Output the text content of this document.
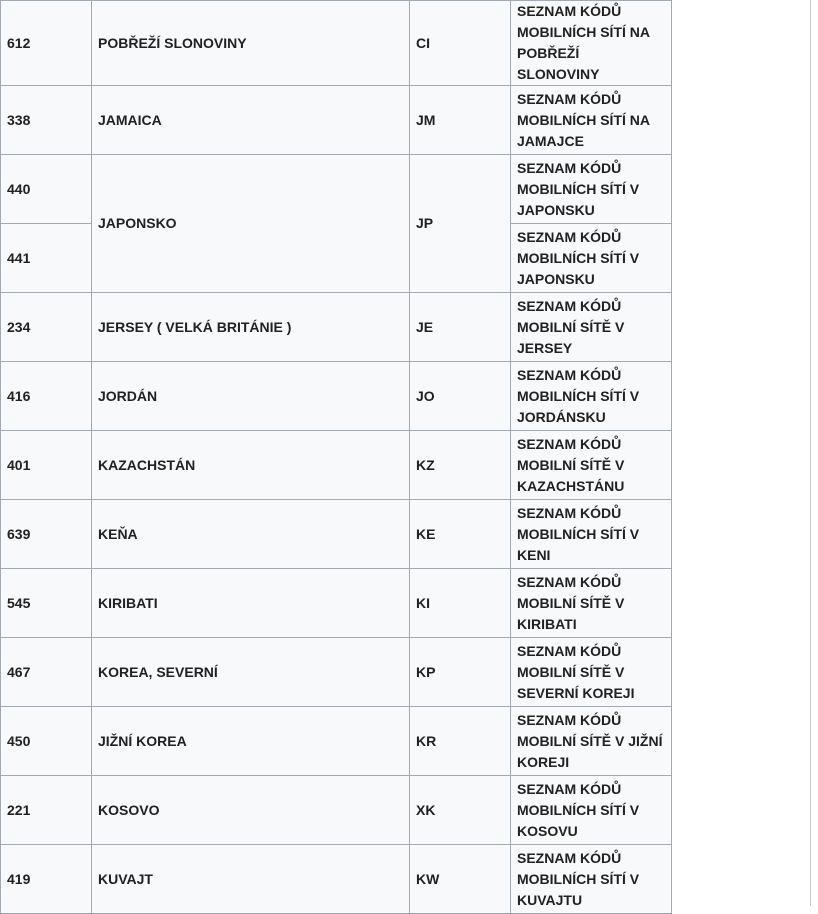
612	POBŘEŽÍ SLONOVINY	CI	SEZNAM KÓDŮ MOBILNÍCH SÍTÍ NA POBŘEŽÍ SLONOVINY
338	JAMAICA	JM	SEZNAM KÓDŮ MOBILNÍCH SÍTÍ NA JAMAJCE
440	JAPONSKO	JP	SEZNAM KÓDŮ MOBILNÍCH SÍTÍ V JAPONSKU
441			SEZNAM KÓDŮ MOBILNÍCH SÍTÍ V JAPONSKU
234	JERSEY ( VELKÁ BRITÁNIE )	JE	SEZNAM KÓDŮ MOBILNÍ SÍTĚ V JERSEY
416	JORDÁN	JO	SEZNAM KÓDŮ MOBILNÍCH SÍTÍ V JORDÁNSKU
401	KAZACHSTÁN	KZ	SEZNAM KÓDŮ MOBILNÍ SÍTĚ V KAZACHSTÁNU
639	KEŇA	KE	SEZNAM KÓDŮ MOBILNÍCH SÍTÍ V KENI
545	KIRIBATI	KI	SEZNAM KÓDŮ MOBILNÍ SÍTĚ V KIRIBATI
467	KOREA, SEVERNÍ	KP	SEZNAM KÓDŮ MOBILNÍ SÍTĚ V SEVERNÍ KOREJI
450	JIŽNÍ KOREA	KR	SEZNAM KÓDŮ MOBILNÍ SÍTĚ V JIŽNÍ KOREJI
221	KOSOVO	XK	SEZNAM KÓDŮ MOBILNÍCH SÍTÍ V KOSOVU
419	KUVAJT	KW	SEZNAM KÓDŮ MOBILNÍCH SÍTÍ V KUVAJTU
